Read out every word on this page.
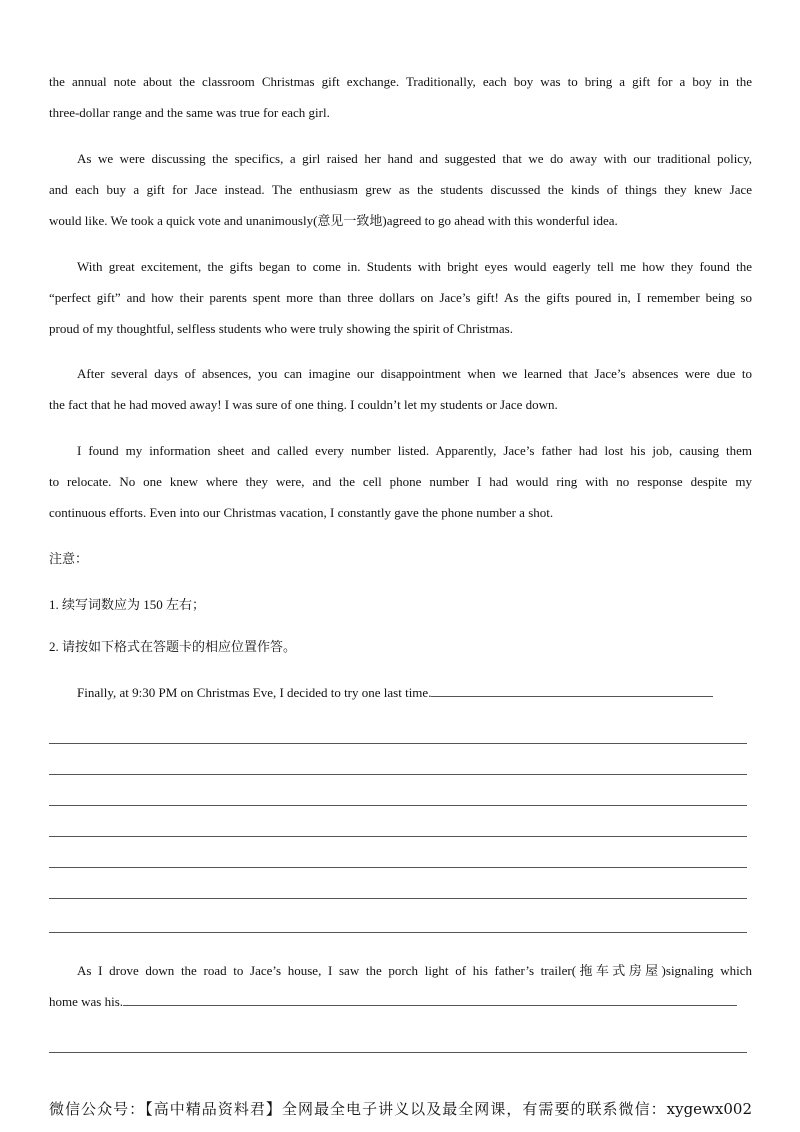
the annual note about the classroom Christmas gift exchange. Traditionally, each boy was to bring a gift for a boy in the
three-dollar range and the same was true for each girl.
As we were discussing the specifics, a girl raised her hand and suggested that we do away with our traditional policy,
and each buy a gift for Jace instead. The enthusiasm grew as the students discussed the kinds of things they knew Jace
would like. We took a quick vote and unanimously(意见一致地)agreed to go ahead with this wonderful idea.
With great excitement, the gifts began to come in. Students with bright eyes would eagerly tell me how they found the
“perfect gift” and how their parents spent more than three dollars on Jace’s gift! As the gifts poured in, I remember being so
proud of my thoughtful, selfless students who were truly showing the spirit of Christmas.
After several days of absences, you can imagine our disappointment when we learned that Jace’s absences were due to
the fact that he had moved away! I was sure of one thing. I couldn’t let my students or Jace down.
I found my information sheet and called every number listed. Apparently, Jace’s father had lost his job, causing them
to relocate. No one knew where they were, and the cell phone number I had would ring with no response despite my
continuous efforts. Even into our Christmas vacation, I constantly gave the phone number a shot.
注意：
1. 续写词数应为 150 左右；
2. 请按如下格式在答题卡的相应位置作答。
Finally, at 9:30 PM on Christmas Eve, I decided to try one last time.
As I drove down the road to Jace’s house, I saw the porch light of his father’s trailer(拖车式房屋)signaling which
home was his.
微信公众号：【高中精品资料君】全网最全电子讲义以及最全网课，有需要的联系微信：xygewx002
